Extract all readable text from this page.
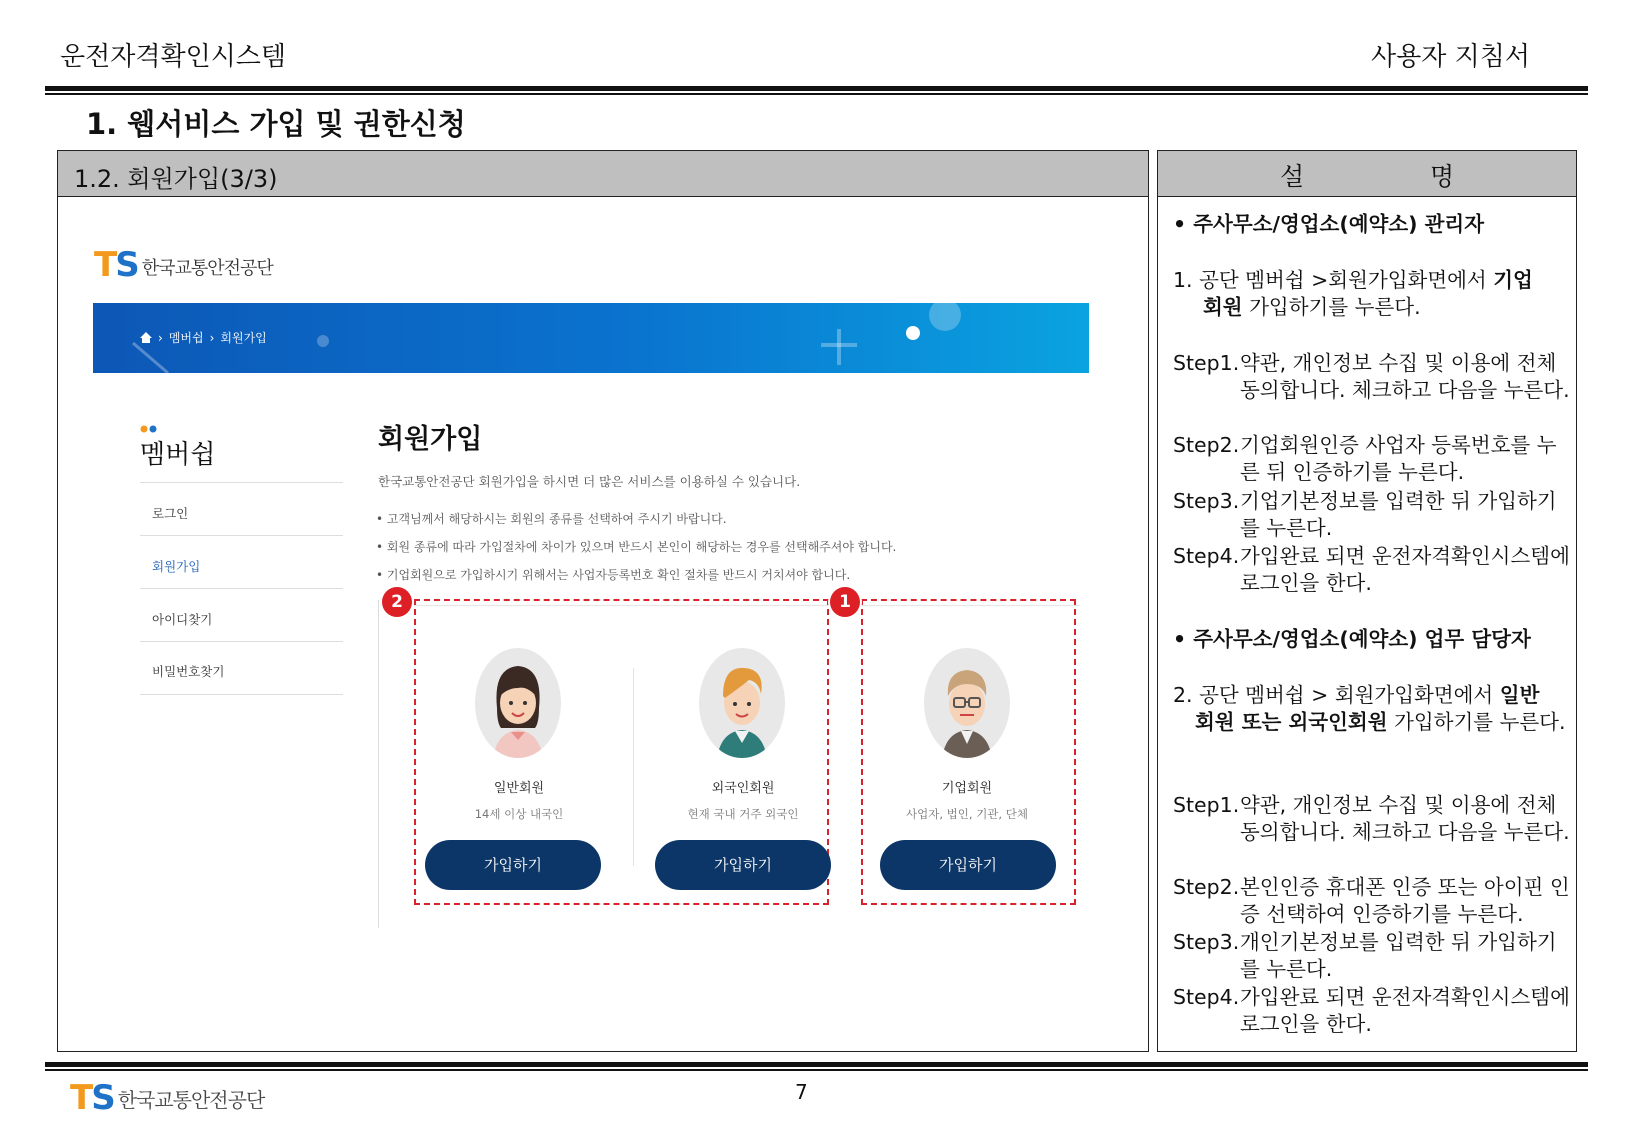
운전자격확인시스템	사용자 지침서
1. 웹서비스 가입 및 권한신청
1.2. 회원가입(3/3)
TS 한국교통안전공단
› 멤버쉽 › 회원가입
멤버쉽
로그인
회원가입
아이디찾기
비밀번호찾기
회원가입
한국교통안전공단 회원가입을 하시면 더 많은 서비스를 이용하실 수 있습니다.
• 고객님께서 해당하시는 회원의 종류를 선택하여 주시기 바랍니다.
• 회원 종류에 따라 가입절차에 차이가 있으며 반드시 본인이 해당하는 경우를 선택해주셔야 합니다.
• 기업회원으로 가입하시기 위해서는 사업자등록번호 확인 절차를 반드시 거치셔야 합니다.
2	1
일반회원
14세 이상 내국인
가입하기
외국인회원
현재 국내 거주 외국인
가입하기
기업회원
사업자, 법인, 기관, 단체
가입하기
설	명
• 주사무소/영업소(예약소) 관리자
1. 공단 멤버쉽 >회원가입화면에서 기업
회원 가입하기를 누른다.
Step1.약관, 개인정보 수집 및 이용에 전체 동의합니다. 체크하고 다음을 누른다.
Step2.기업회원인증 사업자 등록번호를 누른 뒤 인증하기를 누른다.
Step3.기업기본정보를 입력한 뒤 가입하기를 누른다.
Step4.가입완료 되면 운전자격확인시스템에 로그인을 한다.
• 주사무소/영업소(예약소) 업무 담당자
2. 공단 멤버쉽 > 회원가입화면에서 일반
회원 또는 외국인회원 가입하기를 누른다.
Step1.약관, 개인정보 수집 및 이용에 전체 동의합니다. 체크하고 다음을 누른다.
Step2.본인인증 휴대폰 인증 또는 아이핀 인증 선택하여 인증하기를 누른다.
Step3.개인기본정보를 입력한 뒤 가입하기를 누른다.
Step4.가입완료 되면 운전자격확인시스템에 로그인을 한다.
7
TS 한국교통안전공단
